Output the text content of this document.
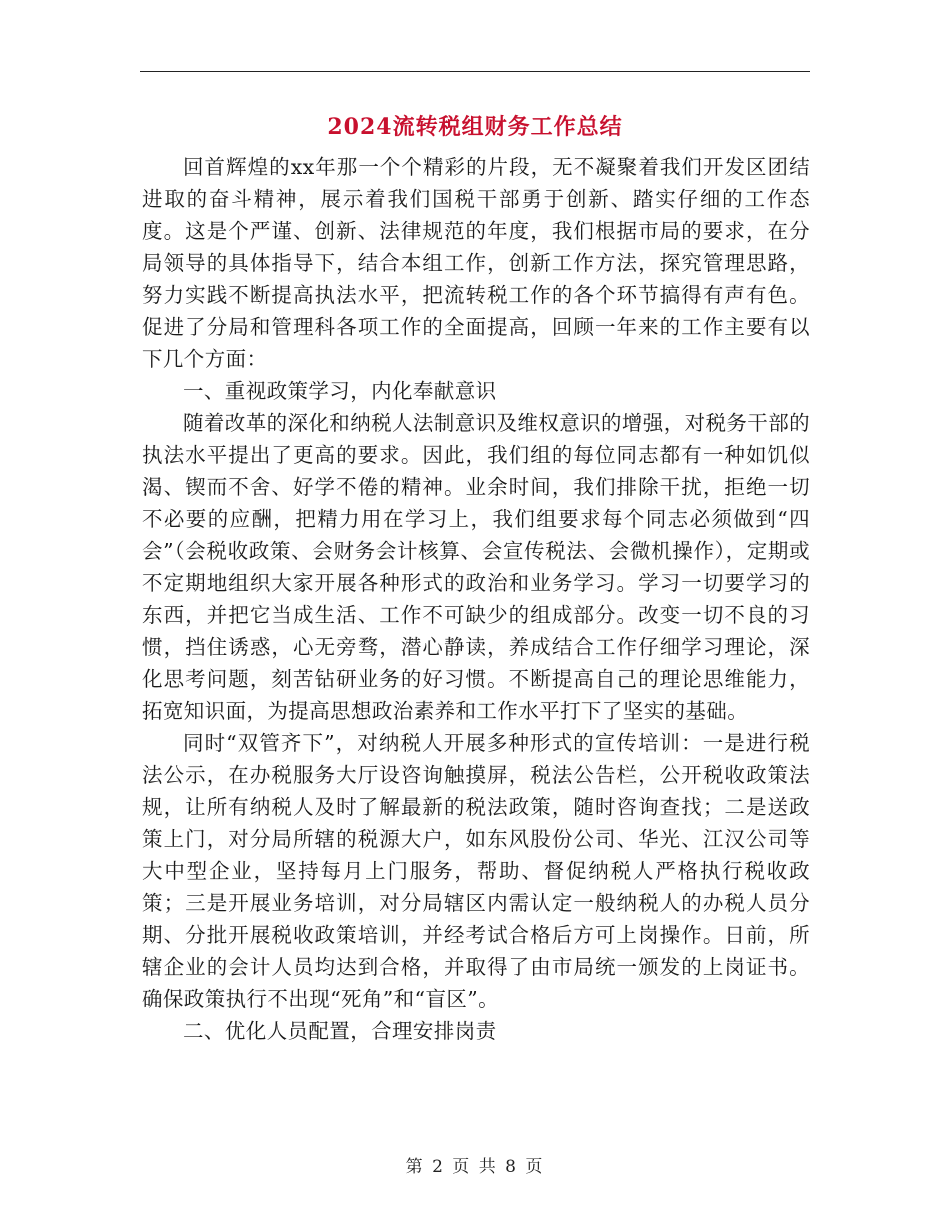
2024流转税组财务工作总结

回首辉煌的xx年那一个个精彩的片段，无不凝聚着我们开发区团结进取的奋斗精神，展示着我们国税干部勇于创新、踏实仔细的工作态度。这是个严谨、创新、法律规范的年度，我们根据市局的要求，在分局领导的具体指导下，结合本组工作，创新工作方法，探究管理思路，努力实践不断提高执法水平，把流转税工作的各个环节搞得有声有色。促进了分局和管理科各项工作的全面提高，回顾一年来的工作主要有以下几个方面：

一、重视政策学习，内化奉献意识

随着改革的深化和纳税人法制意识及维权意识的增强，对税务干部的执法水平提出了更高的要求。因此，我们组的每位同志都有一种如饥似渴、锲而不舍、好学不倦的精神。业余时间，我们排除干扰，拒绝一切不必要的应酬，把精力用在学习上，我们组要求每个同志必须做到“四会”（会税收政策、会财务会计核算、会宣传税法、会微机操作），定期或不定期地组织大家开展各种形式的政治和业务学习。学习一切要学习的东西，并把它当成生活、工作不可缺少的组成部分。改变一切不良的习惯，挡住诱惑，心无旁骛，潜心静读，养成结合工作仔细学习理论，深化思考问题，刻苦钻研业务的好习惯。不断提高自己的理论思维能力，拓宽知识面，为提高思想政治素养和工作水平打下了坚实的基础。

同时“双管齐下”，对纳税人开展多种形式的宣传培训：一是进行税法公示，在办税服务大厅设咨询触摸屏，税法公告栏，公开税收政策法规，让所有纳税人及时了解最新的税法政策，随时咨询查找；二是送政策上门，对分局所辖的税源大户，如东风股份公司、华光、江汉公司等大中型企业，坚持每月上门服务，帮助、督促纳税人严格执行税收政策；三是开展业务培训，对分局辖区内需认定一般纳税人的办税人员分期、分批开展税收政策培训，并经考试合格后方可上岗操作。日前，所辖企业的会计人员均达到合格，并取得了由市局统一颁发的上岗证书。确保政策执行不出现“死角”和“盲区”。

二、优化人员配置，合理安排岗责

第 2 页 共 8 页
